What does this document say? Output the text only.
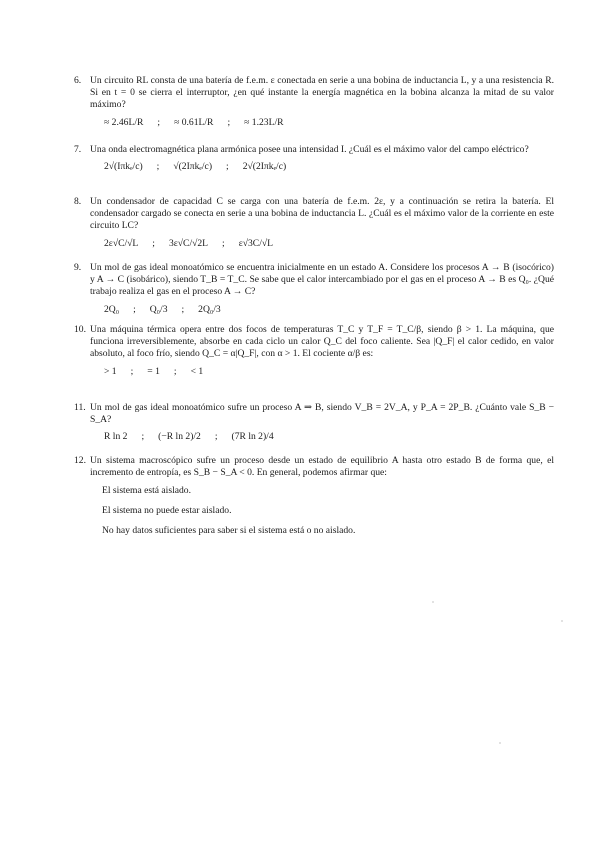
6. Un circuito RL consta de una batería de f.e.m. ε conectada en serie a una bobina de inductancia L, y a una resistencia R. Si en t = 0 se cierra el interruptor, ¿en qué instante la energía magnética en la bobina alcanza la mitad de su valor máximo?
≈ 2.46L/R ; ≈ 0.61L/R ; ≈ 1.23L/R
7. Una onda electromagnética plana armónica posee una intensidad I. ¿Cuál es el máximo valor del campo eléctrico?
2√(Iπkₑ/c) ; √(2Iπkₑ/c) ; 2√(2Iπkₑ/c)
8. Un condensador de capacidad C se carga con una batería de f.e.m. 2ε, y a continuación se retira la batería. El condensador cargado se conecta en serie a una bobina de inductancia L. ¿Cuál es el máximo valor de la corriente en este circuito LC?
2ε√C/√L ; 3ε√C/√2L ; ε√3C/√L
9. Un mol de gas ideal monoatómico se encuentra inicialmente en un estado A. Considere los procesos A → B (isocórico) y A → C (isobárico), siendo T_B = T_C. Se sabe que el calor intercambiado por el gas en el proceso A → B es Q₀. ¿Qué trabajo realiza el gas en el proceso A → C?
2Q₀ ; Q₀/3 ; 2Q₀/3
10. Una máquina térmica opera entre dos focos de temperaturas T_C y T_F = T_C/β, siendo β > 1. La máquina, que funciona irreversiblemente, absorbe en cada ciclo un calor Q_C del foco caliente. Sea |Q_F| el calor cedido, en valor absoluto, al foco frío, siendo Q_C = α|Q_F|, con α > 1. El cociente α/β es:
> 1 ; = 1 ; < 1
11. Un mol de gas ideal monoatómico sufre un proceso A ⇒ B, siendo V_B = 2V_A, y P_A = 2P_B. ¿Cuánto vale S_B − S_A?
R ln 2 ; (−R ln 2)/2 ; (7R ln 2)/4
12. Un sistema macroscópico sufre un proceso desde un estado de equilibrio A hasta otro estado B de forma que, el incremento de entropía, es S_B − S_A < 0. En general, podemos afirmar que:
El sistema está aislado.
El sistema no puede estar aislado.
No hay datos suficientes para saber si el sistema está o no aislado.
